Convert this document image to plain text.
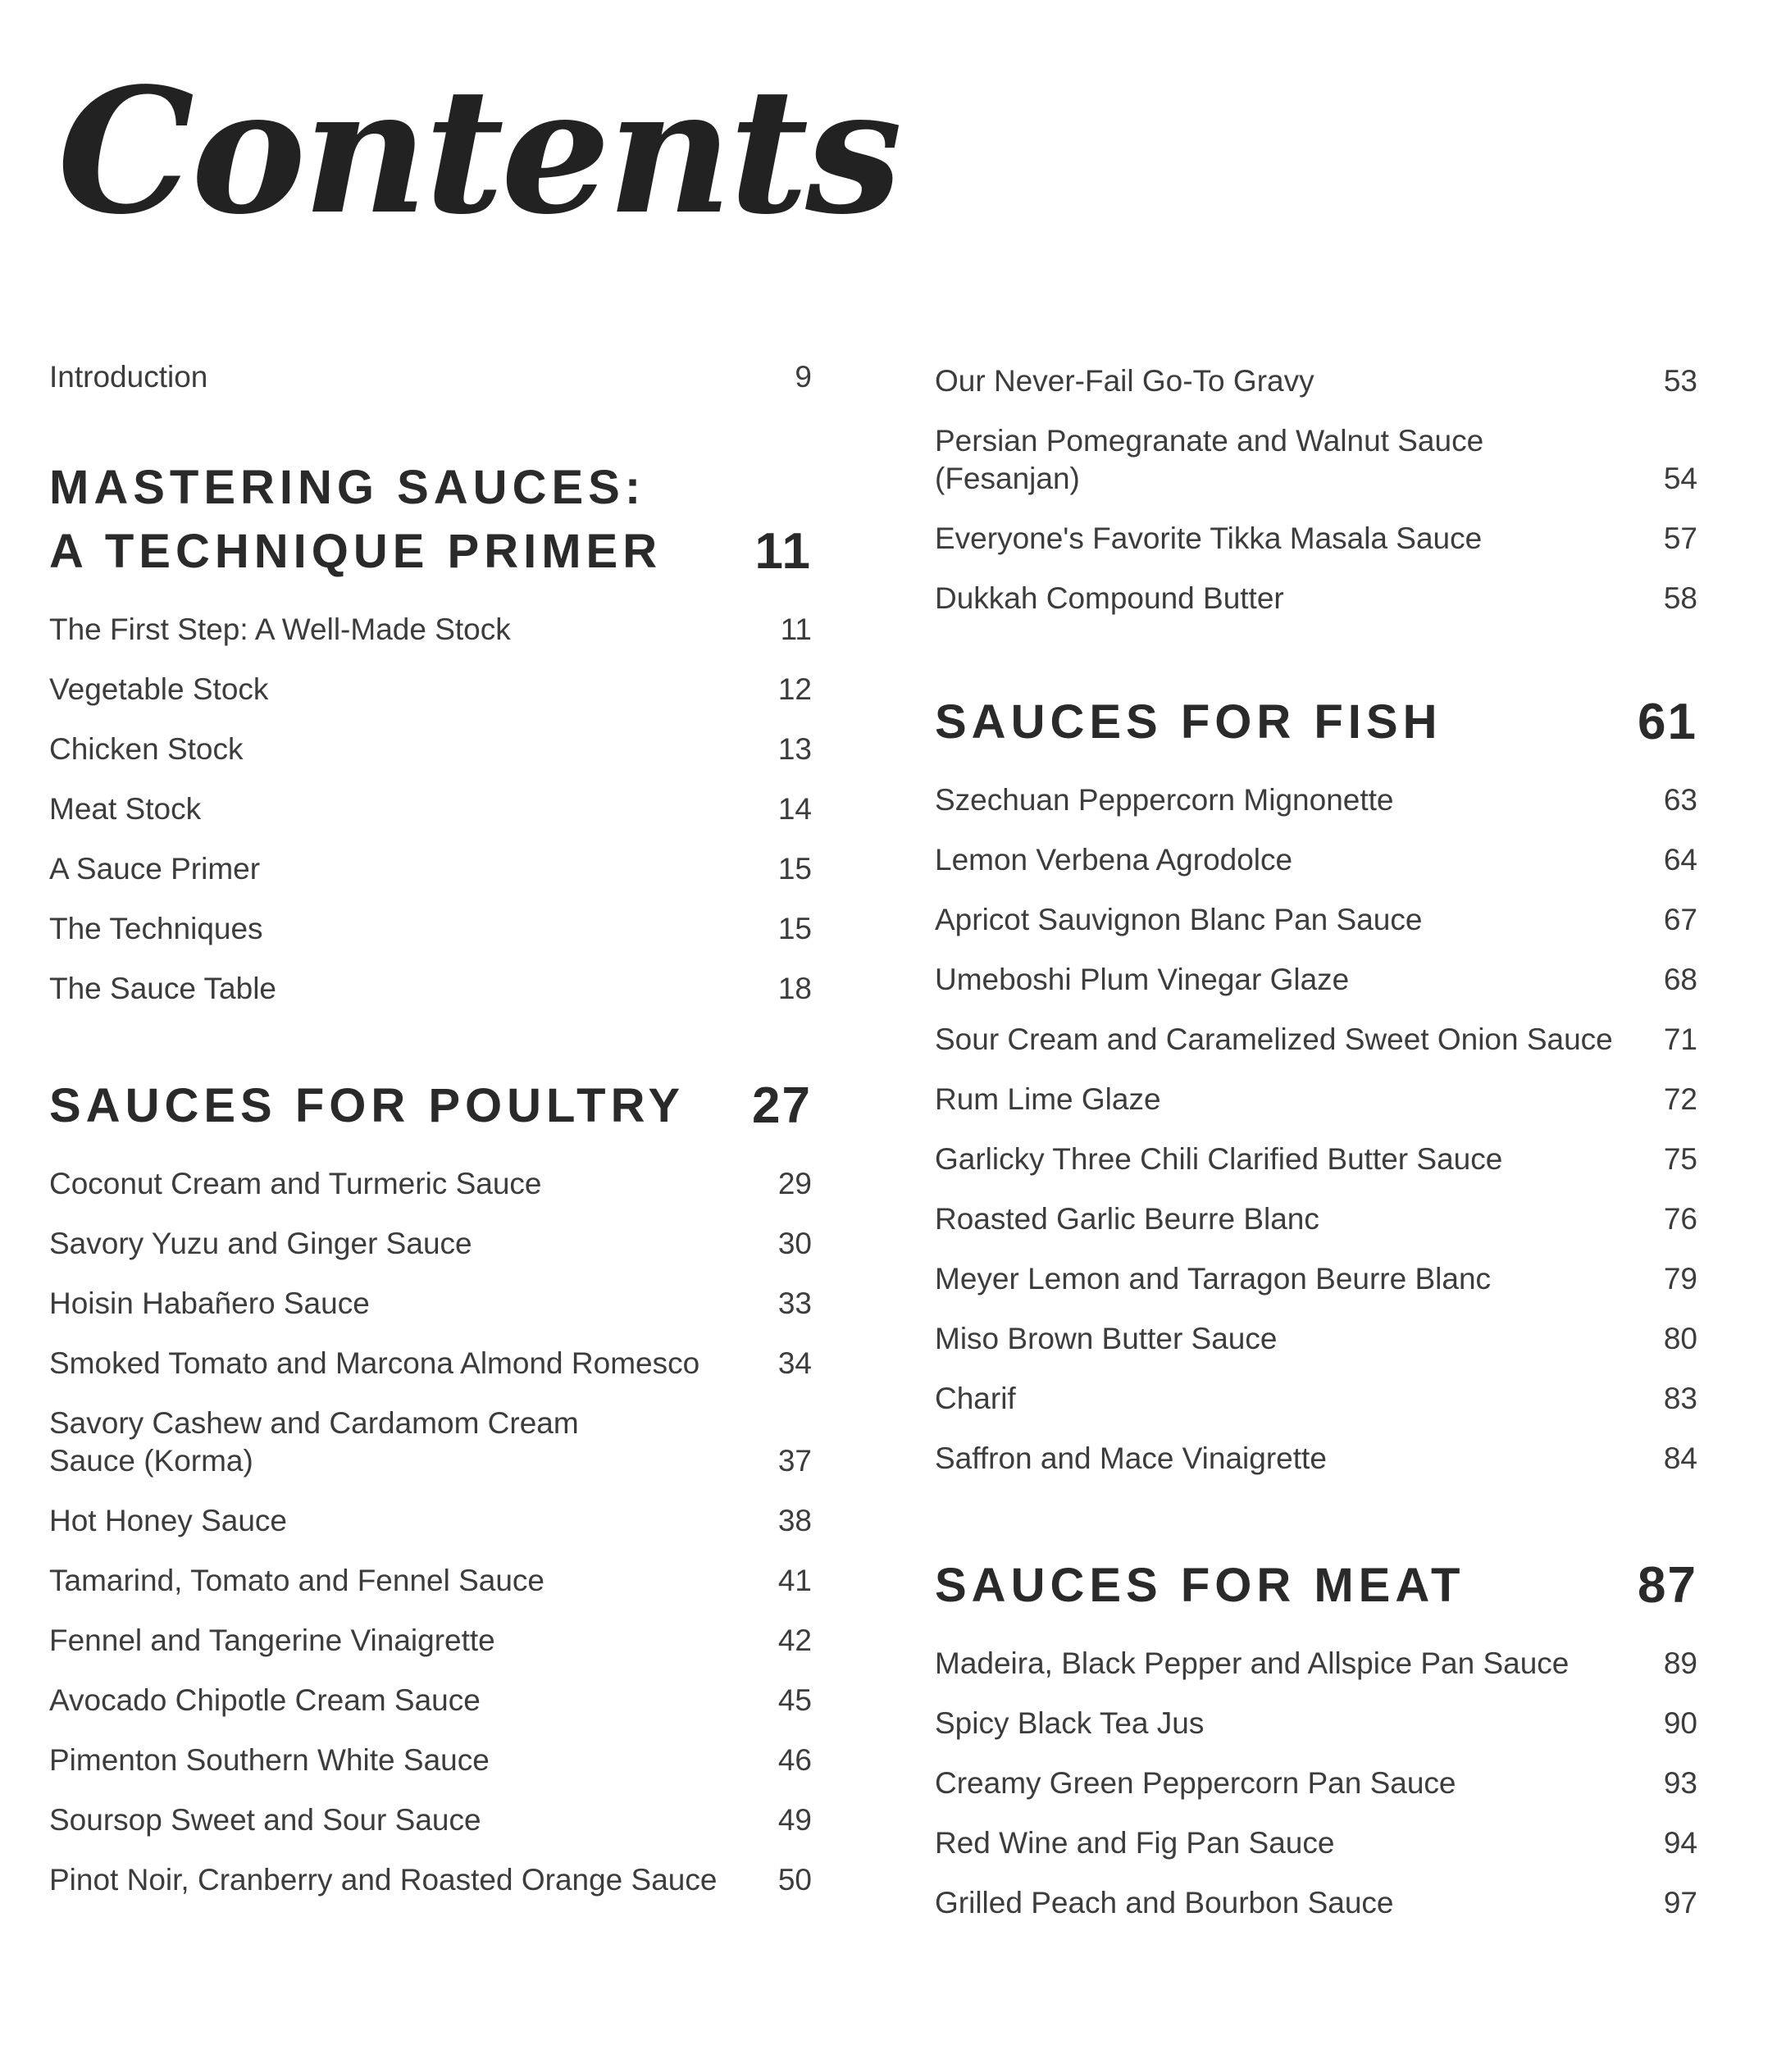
Contents
Introduction	9
MASTERING SAUCES:
A TECHNIQUE PRIMER 11
The First Step: A Well-Made Stock	11
Vegetable Stock	12
Chicken Stock	13
Meat Stock	14
A Sauce Primer	15
The Techniques	15
The Sauce Table	18
SAUCES FOR POULTRY 27
Coconut Cream and Turmeric Sauce	29
Savory Yuzu and Ginger Sauce	30
Hoisin Habañero Sauce	33
Smoked Tomato and Marcona Almond Romesco	34
Savory Cashew and Cardamom Cream Sauce (Korma)	37
Hot Honey Sauce	38
Tamarind, Tomato and Fennel Sauce	41
Fennel and Tangerine Vinaigrette	42
Avocado Chipotle Cream Sauce	45
Pimenton Southern White Sauce	46
Soursop Sweet and Sour Sauce	49
Pinot Noir, Cranberry and Roasted Orange Sauce	50
Our Never-Fail Go-To Gravy	53
Persian Pomegranate and Walnut Sauce (Fesanjan)	54
Everyone's Favorite Tikka Masala Sauce	57
Dukkah Compound Butter	58
SAUCES FOR FISH	61
Szechuan Peppercorn Mignonette	63
Lemon Verbena Agrodolce	64
Apricot Sauvignon Blanc Pan Sauce	67
Umeboshi Plum Vinegar Glaze	68
Sour Cream and Caramelized Sweet Onion Sauce	71
Rum Lime Glaze	72
Garlicky Three Chili Clarified Butter Sauce	75
Roasted Garlic Beurre Blanc	76
Meyer Lemon and Tarragon Beurre Blanc	79
Miso Brown Butter Sauce	80
Charif	83
Saffron and Mace Vinaigrette	84
SAUCES FOR MEAT	87
Madeira, Black Pepper and Allspice Pan Sauce	89
Spicy Black Tea Jus	90
Creamy Green Peppercorn Pan Sauce	93
Red Wine and Fig Pan Sauce	94
Grilled Peach and Bourbon Sauce	97
